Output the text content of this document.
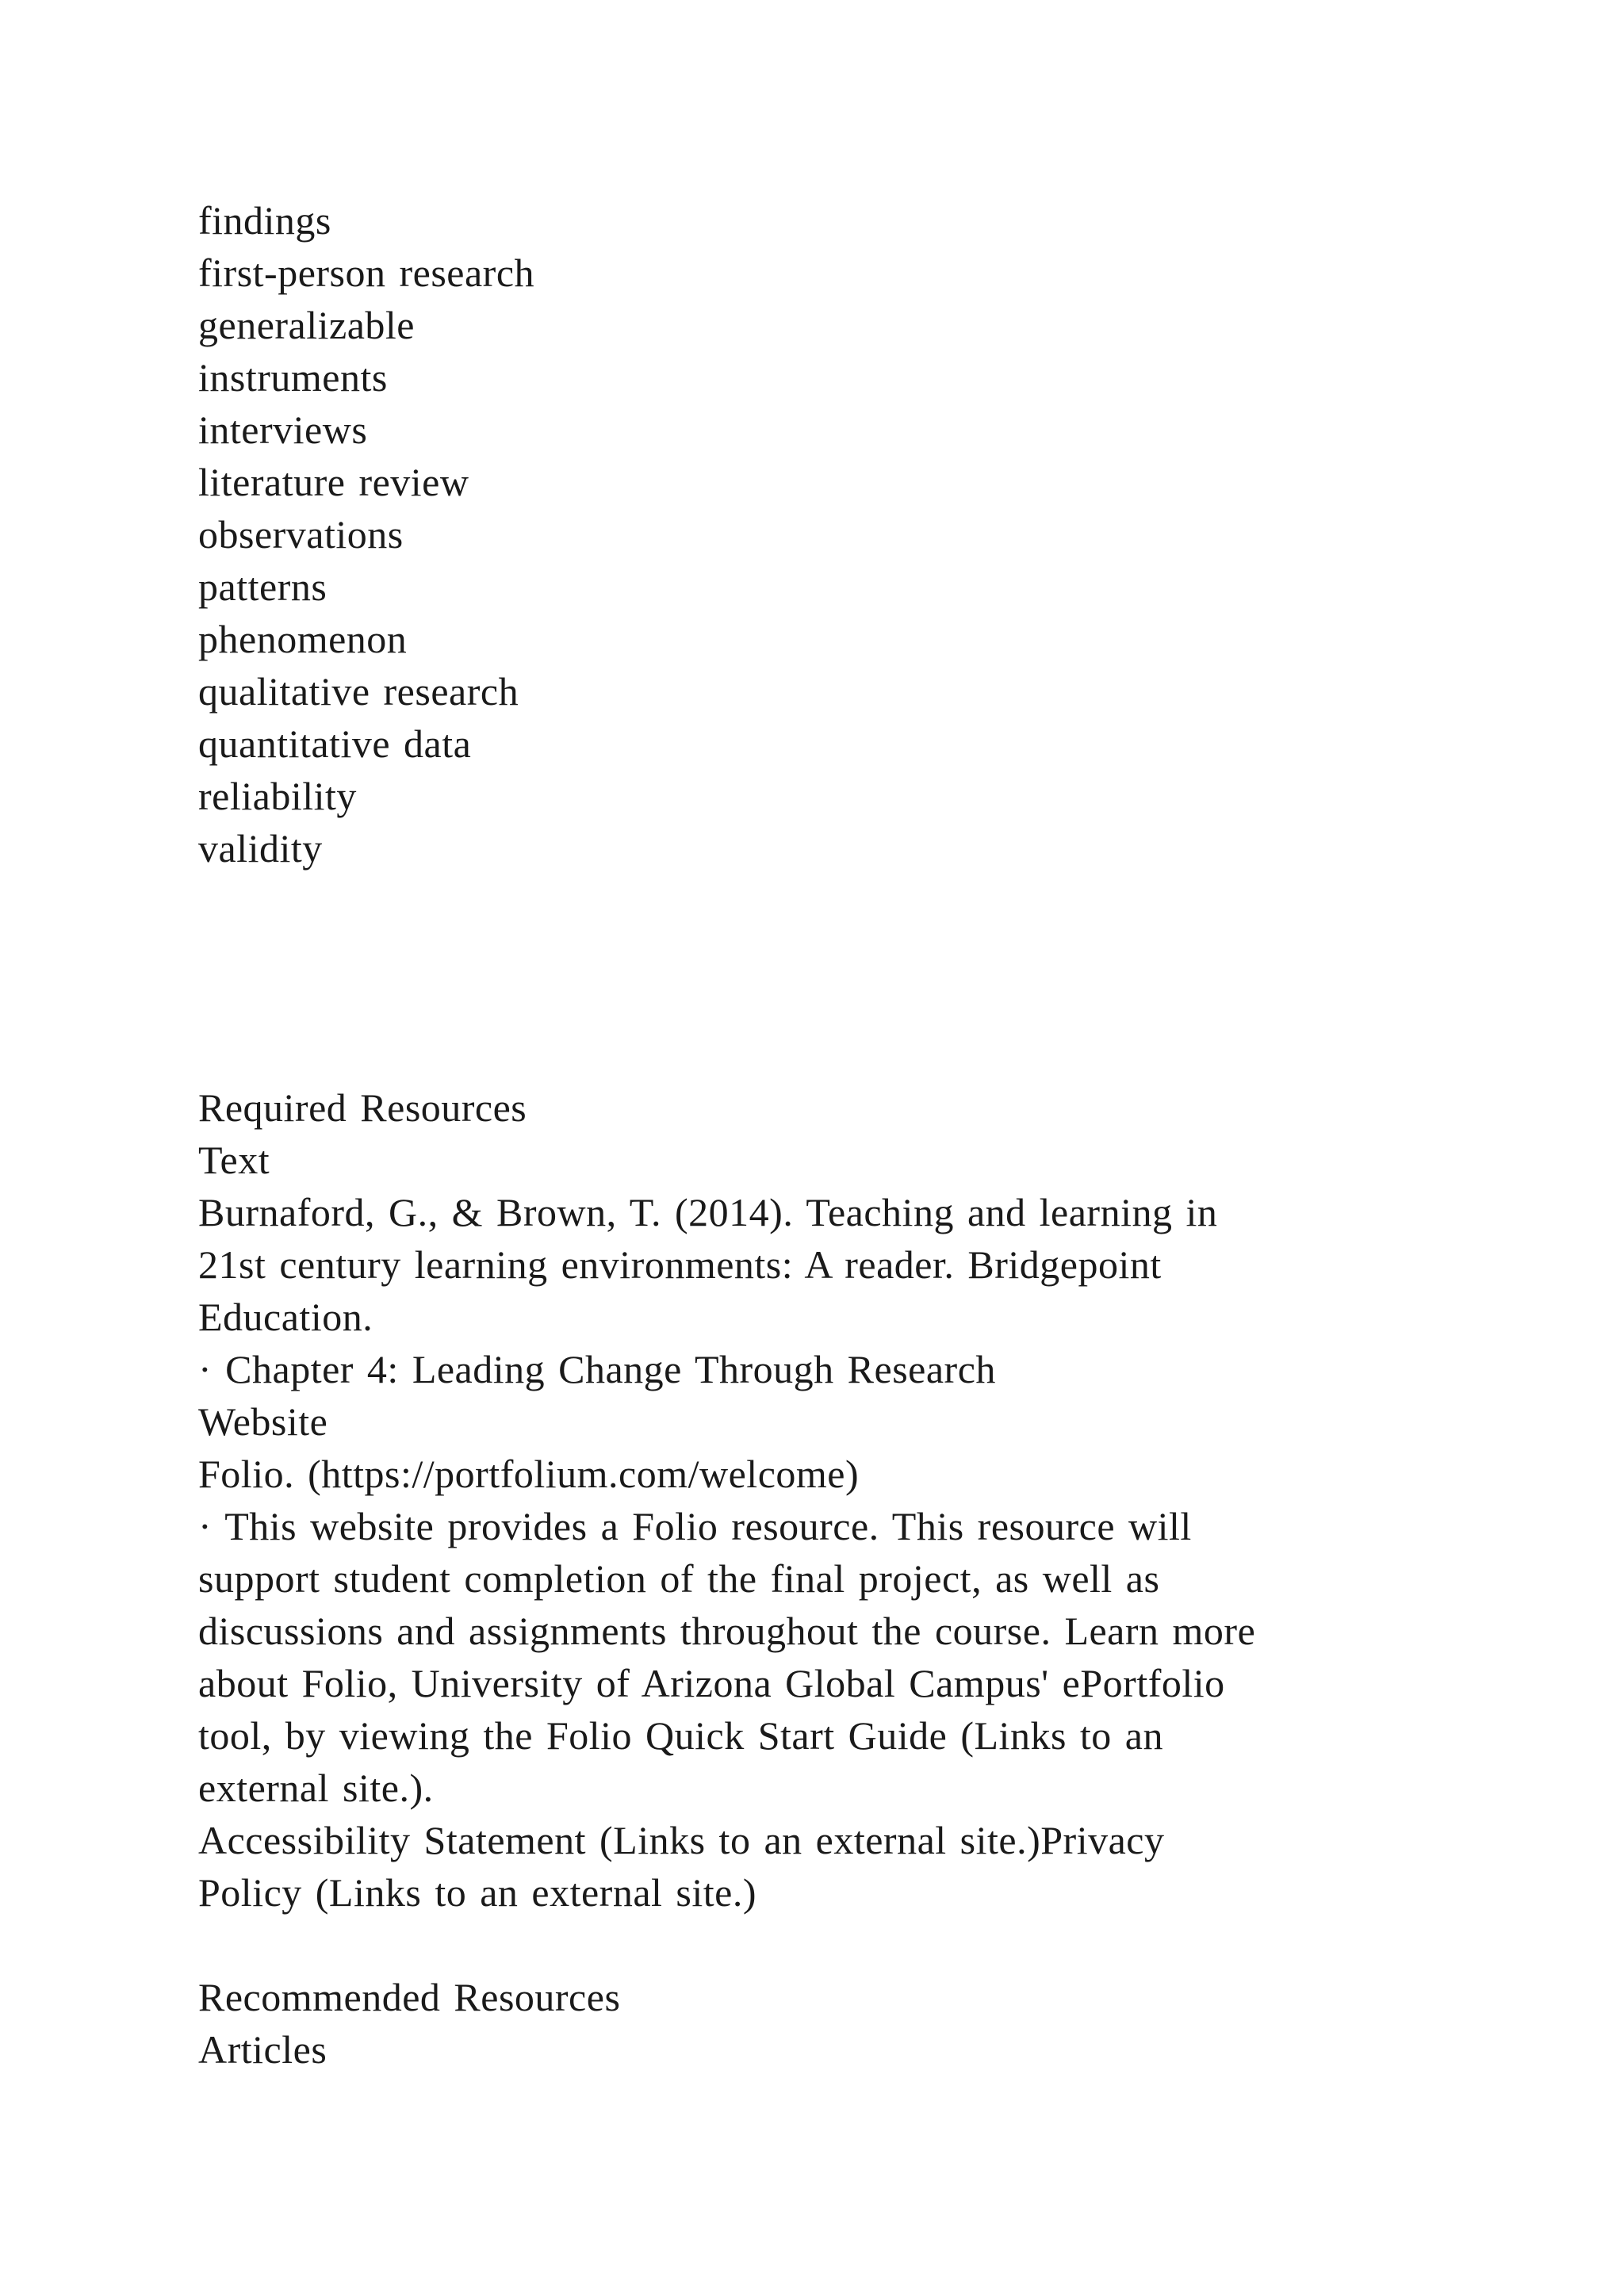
findings
first-person research
generalizable
instruments
interviews
literature review
observations
patterns
phenomenon
qualitative research
quantitative data
reliability
validity
Required Resources
Text
Burnaford, G., & Brown, T. (2014). Teaching and learning in
21st century learning environments: A reader. Bridgepoint
Education.
· Chapter 4: Leading Change Through Research
Website
Folio. (https://portfolium.com/welcome)
· This website provides a Folio resource. This resource will
support student completion of the final project, as well as
discussions and assignments throughout the course. Learn more
about Folio, University of Arizona Global Campus' ePortfolio
tool, by viewing the Folio Quick Start Guide (Links to an
external site.).
Accessibility Statement (Links to an external site.)Privacy
Policy (Links to an external site.)
Recommended Resources
Articles
